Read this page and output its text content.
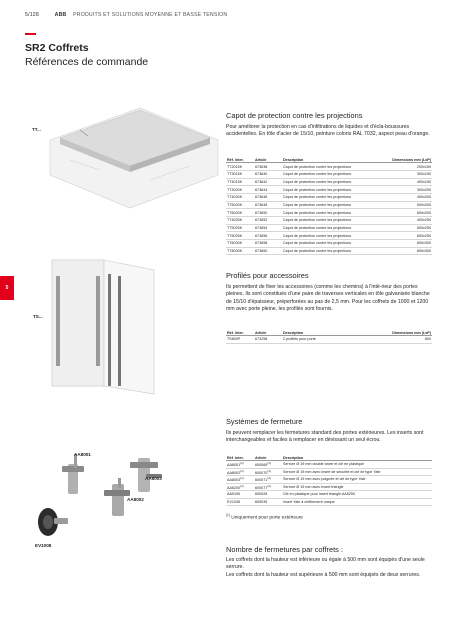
5/128	ABB PRODUITS ET SOLUTIONS MOYENNE ET BASSE TENSION
SR2 Coffrets
Références de commande
5
TT...
Capot de protection contre les projections
Pour améliorer la protection en cas d'infiltrations de liquides et d'écla-boussures accidentelles. En tôle d'acier de 15/10, peinture coloris RAL 7032, aspect peau d'orange.
Réf. Inter.	Article	Description	Dimensions mm (LxP)
TT2015K	673638	Capot de protection contre les projections	200x150
TT3015K	673640	Capot de protection contre les projections	300x150
TT4015K	673642	Capot de protection contre les projections	400x150
TT3020K	673644	Capot de protection contre les projections	300x200
TT4020K	673646	Capot de protection contre les projections	400x200
TT5020K	673648	Capot de protection contre les projections	500x200
TT6020K	673650	Capot de protection contre les projections	600x200
TT4025K	673652	Capot de protection contre les projections	400x250
TT5025K	673654	Capot de protection contre les projections	500x250
TT6025K	673656	Capot de protection contre les projections	600x250
TT6030K	673658	Capot de protection contre les projections	600x300
TT8030K	673660	Capot de protection contre les projections	800x300
TS...
Profilés pour accessoires
Ils permettent de fixer les accessoires (comme les chemins) à l'inté-rieur des portes pleines. Ils sont constitués d'une paire de traverses verticales en tôle galvanisée blanche de 15/10 d'épaisseur, préperforées au pas de 2,5 mm. Pour les coffrets de 1000 et 1200 mm avec porte pleine, les profilés sont fournis.
Réf. Inter.	Article	Description	Dimensions mm (LxP)
TS800P	673258	2 profilés pour porte	800
AA8001
AA8003
AA8002
EV1008
Systèmes de fermeture
Ils peuvent remplacer les fermetures standard des portes extérieures. Les inserts sont interchangeables et faciles à remplacer en dévissant un seul écrou.
Réf. Inter.	Article	Description
AA8001$^{(1)}$	600069$^{(1)}$	Serrure Ø 19 mm double barre et clé en plastique
AA8002$^{(1)}$	600070$^{(1)}$	Serrure Ø 19 mm avec insert de sécurité et clé de type Yale
AA8003$^{(1)}$	600071$^{(1)}$	Serrure Ø 19 mm avec poignée et clé de type Yale
AA8200$^{(1)}$	600077$^{(1)}$	Serrure Ø 19 mm avec insert triangle
AA5190	600026	Clé en plastique pour insert triangle AA5200
EV1036	609039	Insert Yale à chiffrement unique
$^{(1)}$ Uniquement pour porte extérieure
Nombre de fermetures par coffrets :
Les coffrets dont la hauteur est inférieure ou égale à 500 mm sont équipés d'une seule serrure.
Les coffrets dont la hauteur est supérieure à 500 mm sont équipés de deux serrures.
